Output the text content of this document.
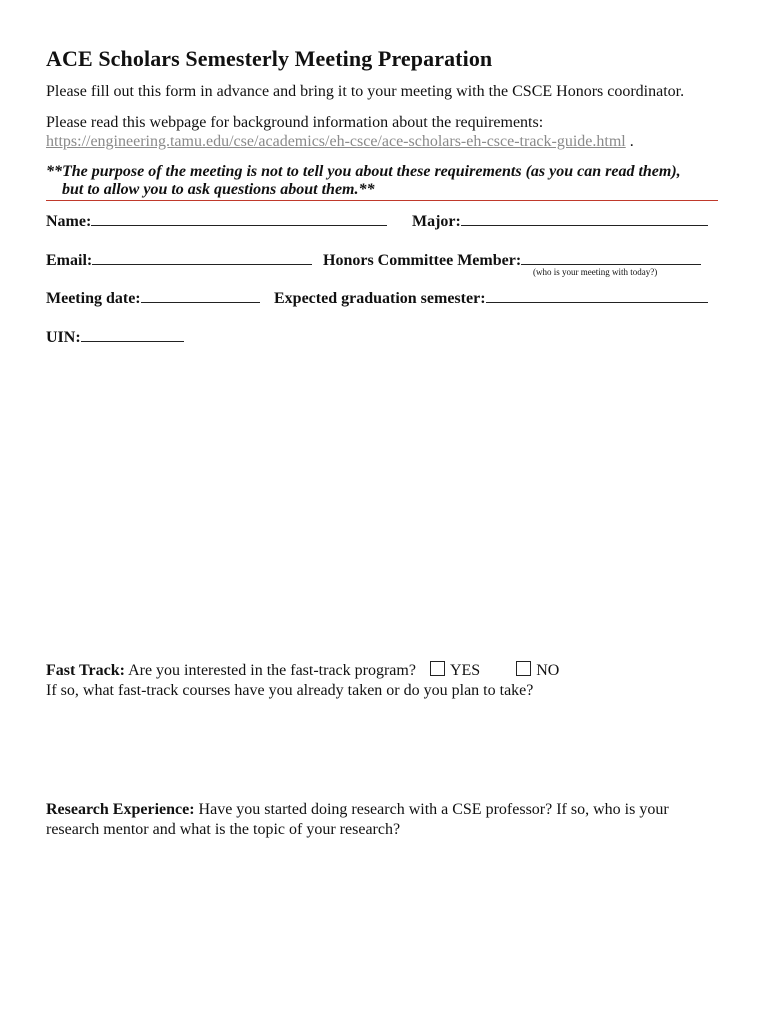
ACE Scholars Semesterly Meeting Preparation
Please fill out this form in advance and bring it to your meeting with the CSCE Honors coordinator.
Please read this webpage for background information about the requirements:
https://engineering.tamu.edu/cse/academics/eh-csce/ace-scholars-eh-csce-track-guide.html .
**The purpose of the meeting is not to tell you about these requirements (as you can read them),
but to allow you to ask questions about them.**
Name:	Major:
Email:	Honors Committee Member:
(who is your meeting with today?)
Meeting date:	Expected graduation semester:
UIN:
Fast Track: Are you interested in the fast-track program? YES	NO
If so, what fast-track courses have you already taken or do you plan to take?
Research Experience: Have you started doing research with a CSE professor? If so, who is your
research mentor and what is the topic of your research?
